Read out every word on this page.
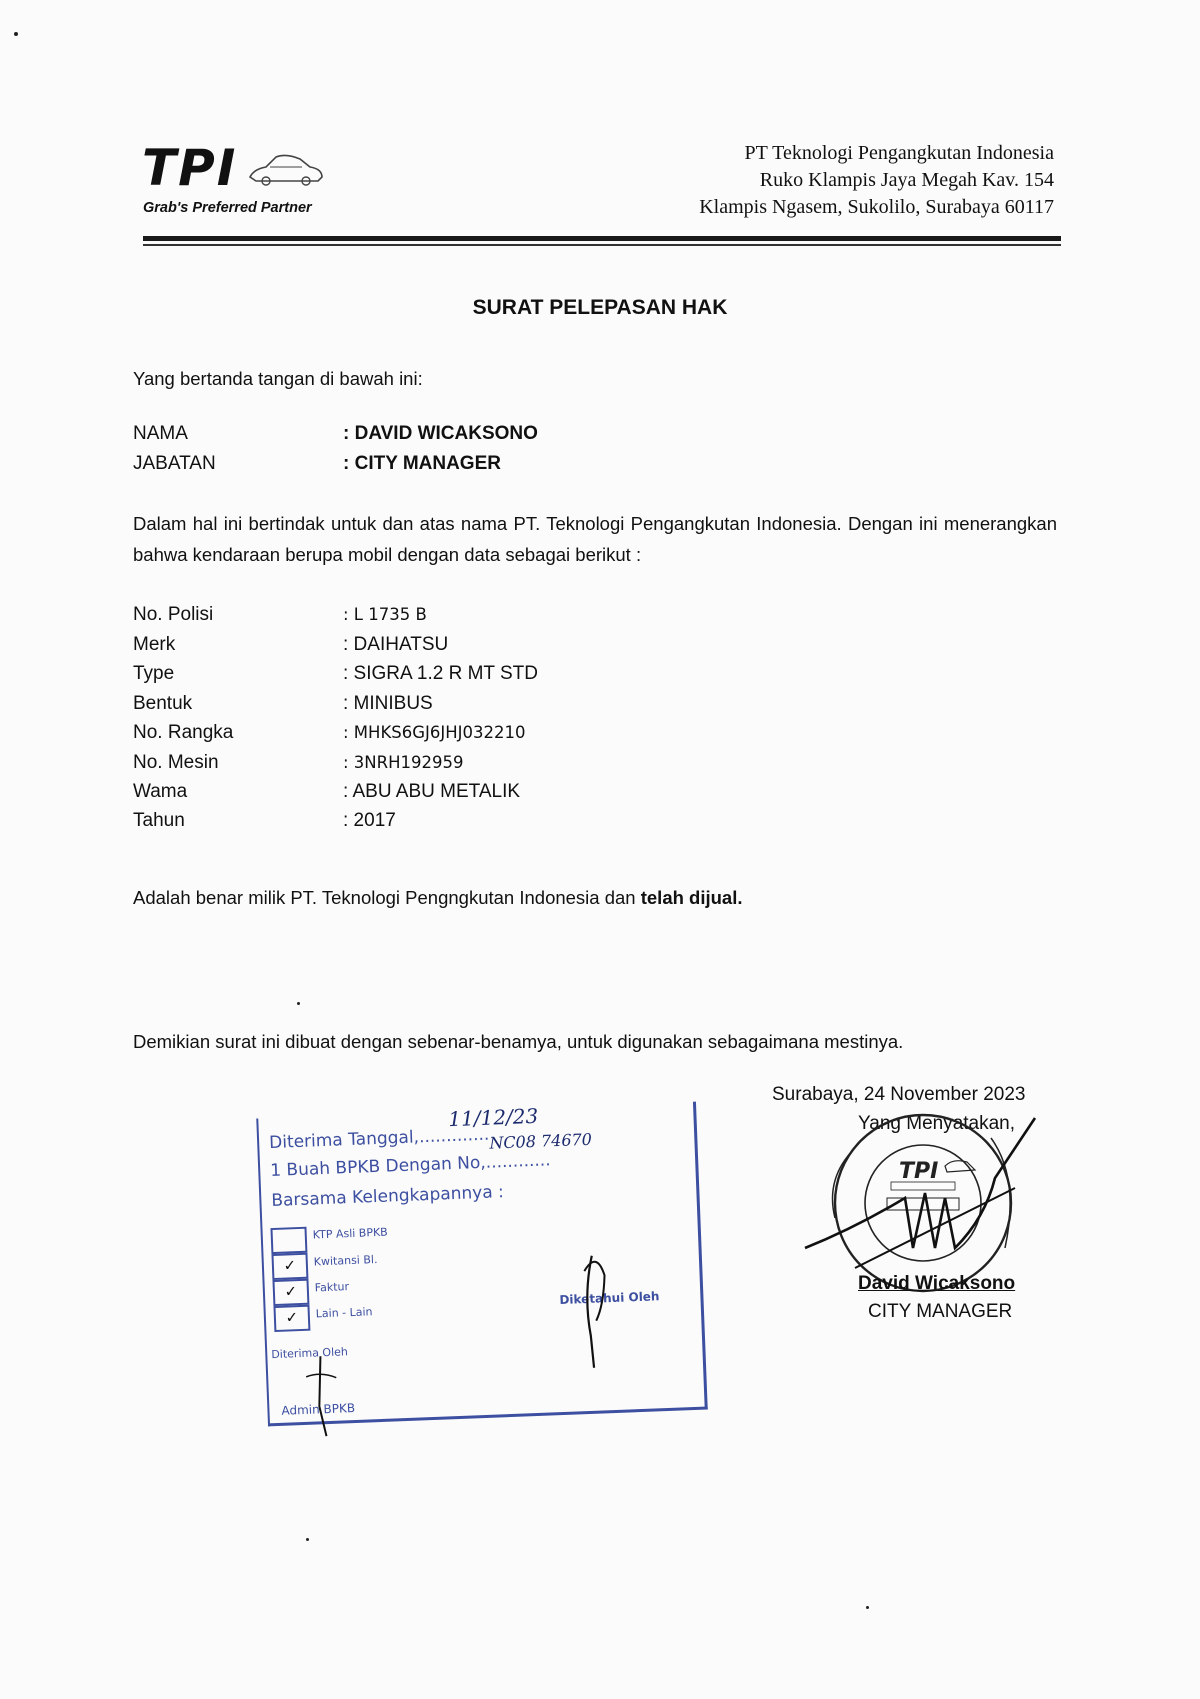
TPI
Grab's Preferred Partner
PT Teknologi Pengangkutan Indonesia
Ruko Klampis Jaya Megah Kav. 154
Klampis Ngasem, Sukolilo, Surabaya 60117
SURAT PELEPASAN HAK
Yang bertanda tangan di bawah ini:
NAMA	: DAVID WICAKSONO
JABATAN	: CITY MANAGER
Dalam hal ini bertindak untuk dan atas nama PT. Teknologi Pengangkutan Indonesia. Dengan ini menerangkan bahwa kendaraan berupa mobil dengan data sebagai berikut :
No. Polisi	: L 1735 B
Merk	: DAIHATSU
Type	: SIGRA 1.2 R MT STD
Bentuk	: MINIBUS
No. Rangka	: MHKS6GJ6JHJ032210
No. Mesin	: 3NRH192959
Wama	: ABU ABU METALIK
Tahun	: 2017
Adalah benar milik PT. Teknologi Pengngkutan Indonesia dan telah dijual.
Demikian surat ini dibuat dengan sebenar-benamya, untuk digunakan sebagaimana mestinya.
Diterima Tanggal,.............
1 Buah BPKB Dengan No,............
Barsama Kelengkapannya :
KTP Asli BPKB
✓	Kwitansi Bl.
✓	Faktur
✓	Lain - Lain
Diterima Oleh
Diketahui Oleh
Admin BPKB
11/12/23
NC08 74670
Surabaya, 24 November 2023
Yang Menyatakan,
TPI
David Wicaksono
CITY MANAGER
